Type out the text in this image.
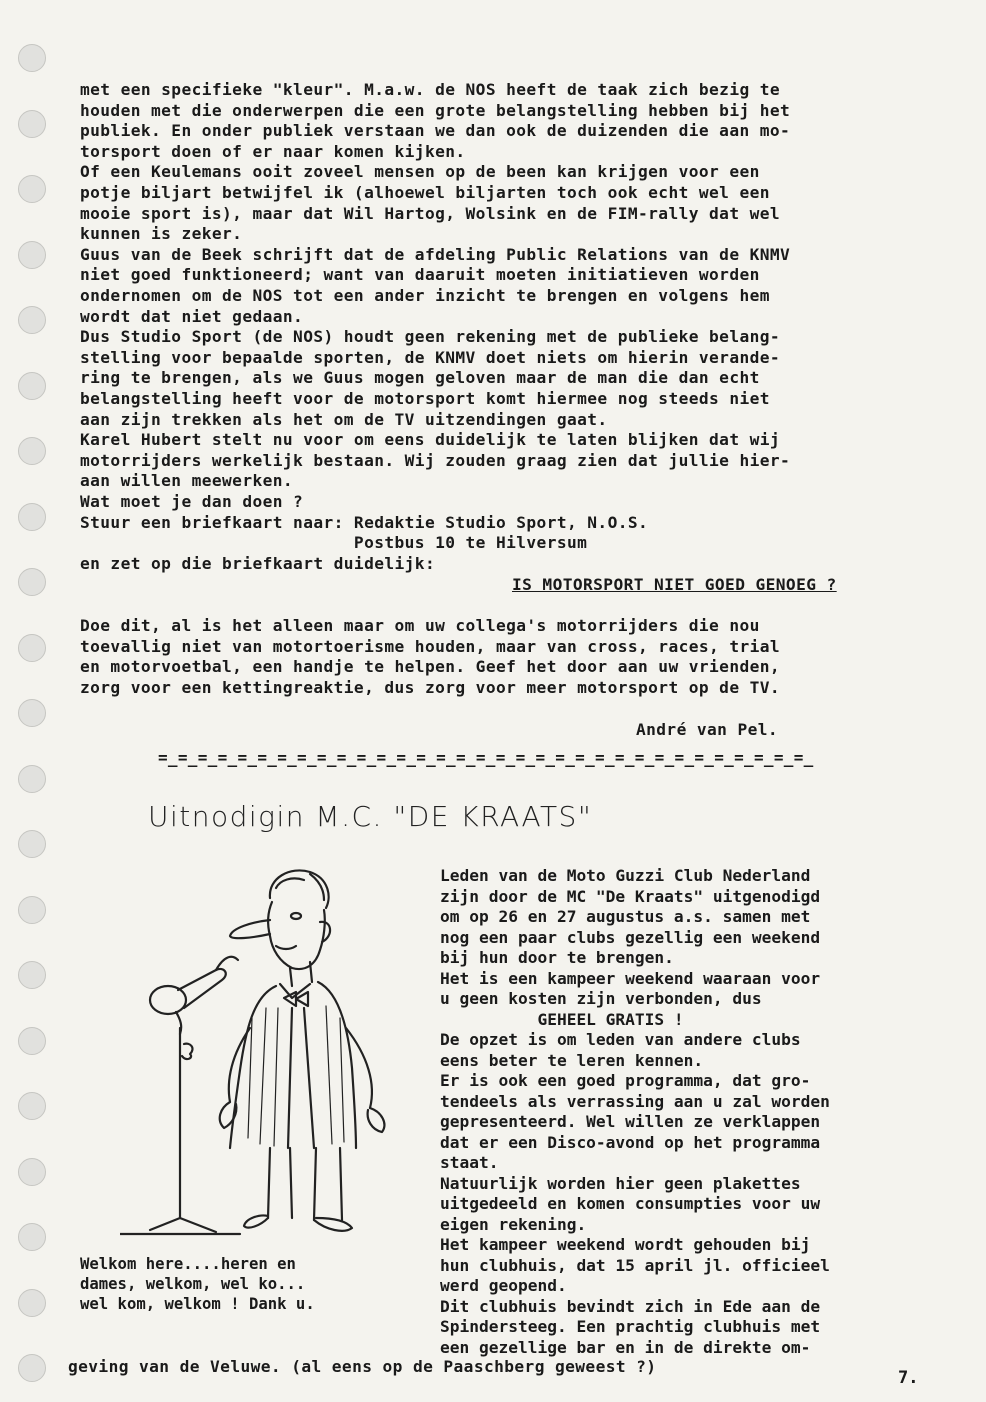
met een specifieke "kleur". M.a.w. de NOS heeft de taak zich bezig te
houden met die onderwerpen die een grote belangstelling hebben bij het
publiek. En onder publiek verstaan we dan ook de duizenden die aan mo-
torsport doen of er naar komen kijken.
Of een Keulemans ooit zoveel mensen op de been kan krijgen voor een
potje biljart betwijfel ik (alhoewel biljarten toch ook echt wel een
mooie sport is), maar dat Wil Hartog, Wolsink en de FIM-rally dat wel
kunnen is zeker.
Guus van de Beek schrijft dat de afdeling Public Relations van de KNMV
niet goed funktioneerd; want van daaruit moeten initiatieven worden
ondernomen om de NOS tot een ander inzicht te brengen en volgens hem
wordt dat niet gedaan.
Dus Studio Sport (de NOS) houdt geen rekening met de publieke belang-
stelling voor bepaalde sporten, de KNMV doet niets om hierin verande-
ring te brengen, als we Guus mogen geloven maar de man die dan echt
belangstelling heeft voor de motorsport komt hiermee nog steeds niet
aan zijn trekken als het om de TV uitzendingen gaat.
Karel Hubert stelt nu voor om eens duidelijk te laten blijken dat wij
motorrijders werkelijk bestaan. Wij zouden graag zien dat jullie hier-
aan willen meewerken.
Wat moet je dan doen ?
Stuur een briefkaart naar: Redaktie Studio Sport, N.O.S.
Postbus 10 te Hilversum
en zet op die briefkaart duidelijk:
IS MOTORSPORT NIET GOED GENOEG ?
Doe dit, al is het alleen maar om uw collega's motorrijders die nou
toevallig niet van motortoerisme houden, maar van cross, races, trial
en motorvoetbal, een handje te helpen. Geef het door aan uw vrienden,
zorg voor een kettingreaktie, dus zorg voor meer motorsport op de TV.
André van Pel.
=_=_=_=_=_=_=_=_=_=_=_=_=_=_=_=_=_=_=_=_=_=_=_=_=_=_=_=_=_=_=_=_=_
Uitnodigin M.C. "DE KRAATS"
Leden van de Moto Guzzi Club Nederland
zijn door de MC "De Kraats" uitgenodigd
om op 26 en 27 augustus a.s. samen met
nog een paar clubs gezellig een weekend
bij hun door te brengen.
Het is een kampeer weekend waaraan voor
u geen kosten zijn verbonden, dus
GEHEEL GRATIS !
De opzet is om leden van andere clubs
eens beter te leren kennen.
Er is ook een goed programma, dat gro-
tendeels als verrassing aan u zal worden
gepresenteerd. Wel willen ze verklappen
dat er een Disco-avond op het programma
staat.
Natuurlijk worden hier geen plakettes
uitgedeeld en komen consumpties voor uw
eigen rekening.
Het kampeer weekend wordt gehouden bij
hun clubhuis, dat 15 april jl. officieel
werd geopend.
Dit clubhuis bevindt zich in Ede aan de
Spindersteeg. Een prachtig clubhuis met
een gezellige bar en in de direkte om-
Welkom here....heren en
dames, welkom, wel ko...
wel kom, welkom ! Dank u.
geving van de Veluwe. (al eens op de Paaschberg geweest ?)
7.
